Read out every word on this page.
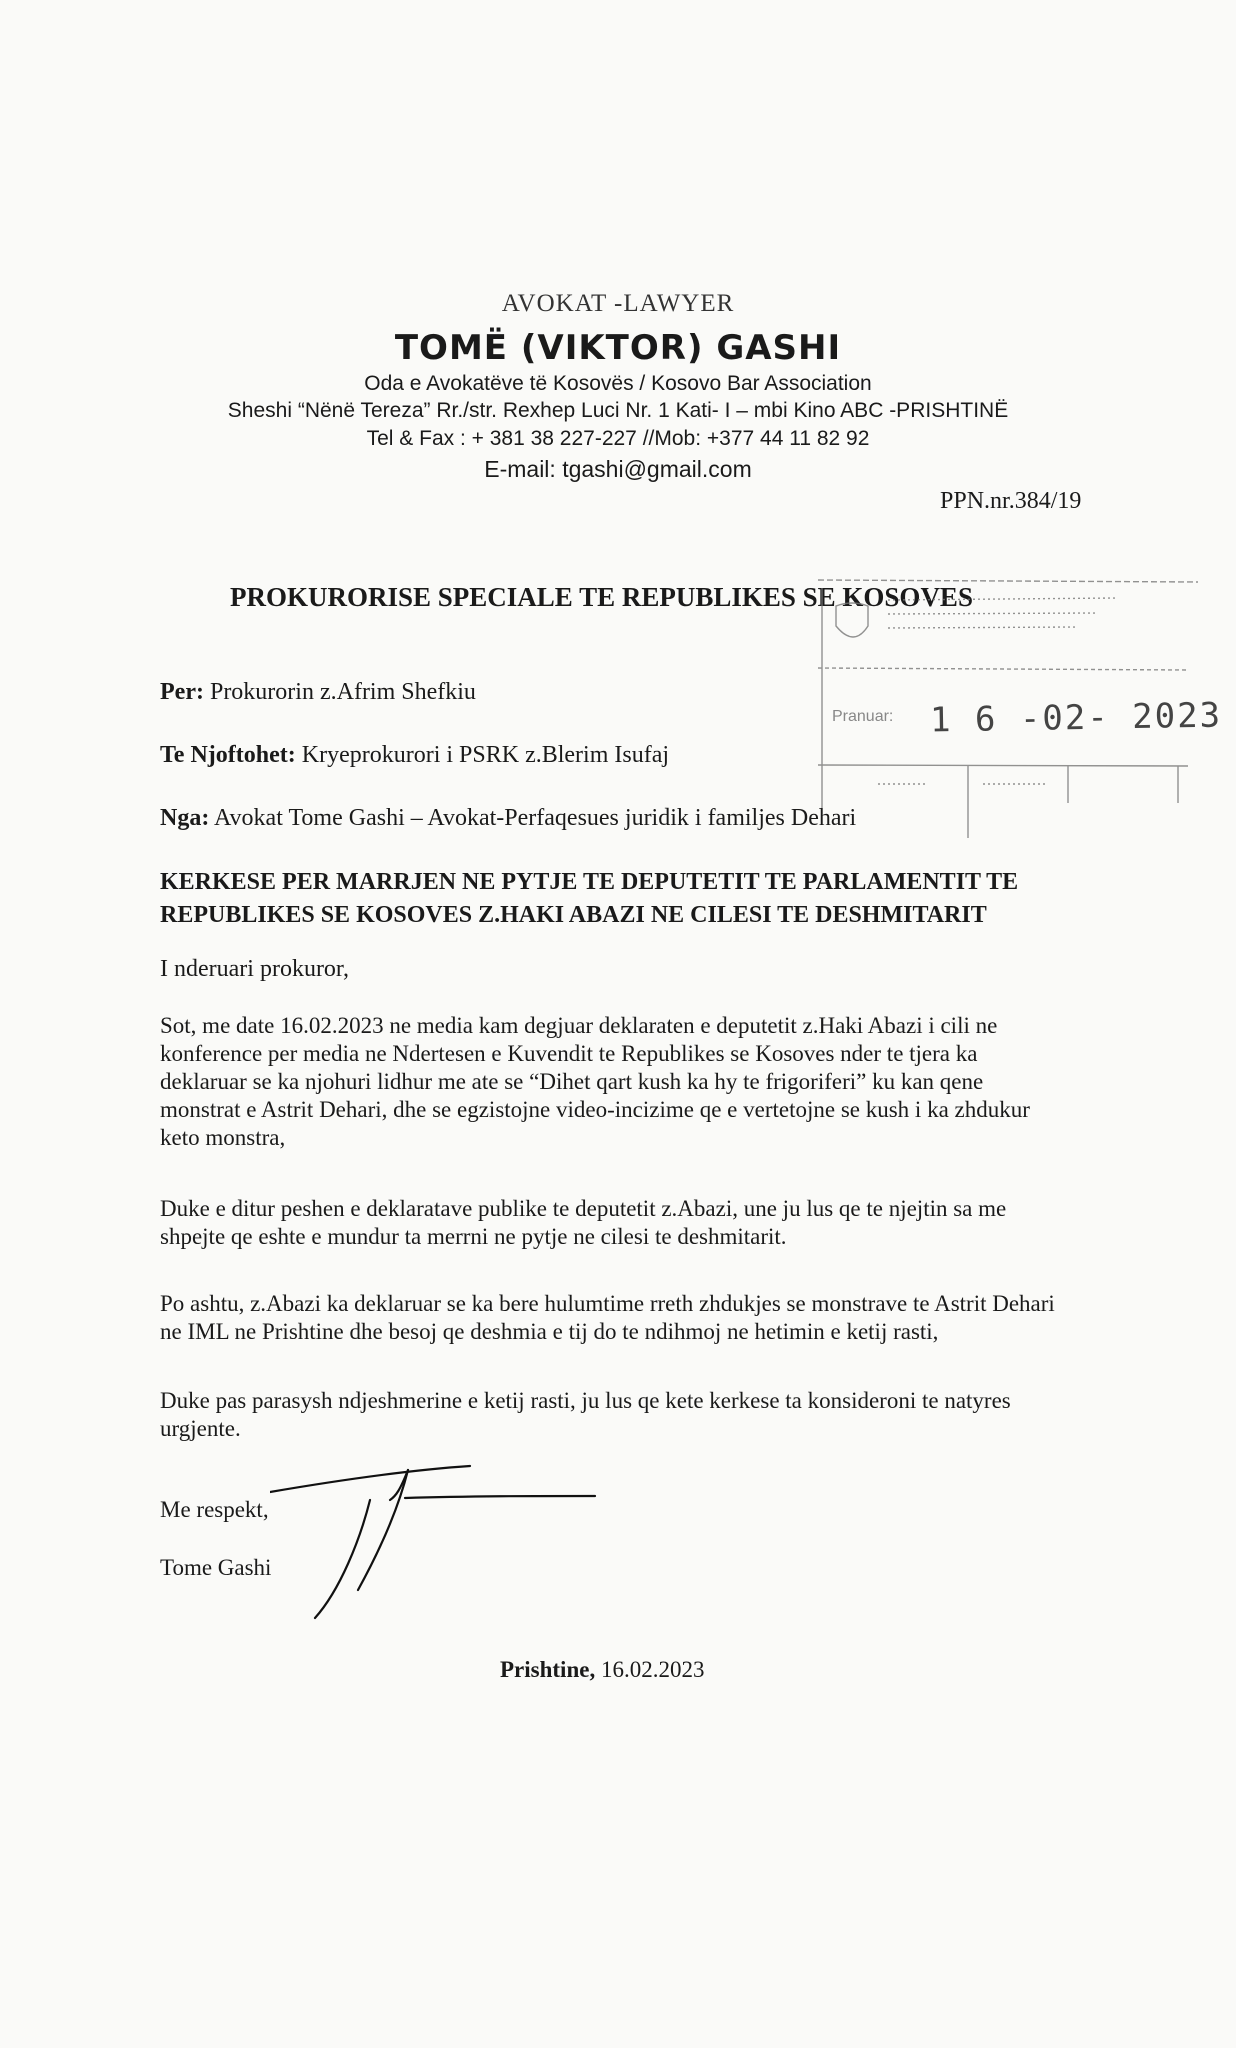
AVOKAT -LAWYER
TOMË (VIKTOR) GASHI
Oda e Avokatëve të Kosovës / Kosovo Bar Association
Sheshi “Nënë Tereza” Rr./str. Rexhep Luci Nr. 1 Kati- I – mbi Kino ABC -PRISHTINË
Tel & Fax : + 381 38 227-227 //Mob: +377 44 11 82 92
E-mail: tgashi@gmail.com
PPN.nr.384/19
PROKURORISE SPECIALE TE REPUBLIKES SE KOSOVES
Pranuar: 1 6 -02- 2023
Per: Prokurorin z.Afrim Shefkiu
Te Njoftohet: Kryeprokurori i PSRK z.Blerim Isufaj
Nga: Avokat Tome Gashi – Avokat-Perfaqesues juridik i familjes Dehari
KERKESE PER MARRJEN NE PYTJE TE DEPUTETIT TE PARLAMENTIT TE REPUBLIKES SE KOSOVES Z.HAKI ABAZI NE CILESI TE DESHMITARIT
I nderuari prokuror,
Sot, me date 16.02.2023 ne media kam degjuar deklaraten e deputetit z.Haki Abazi i cili ne konference per media ne Ndertesen e Kuvendit te Republikes se Kosoves nder te tjera ka deklaruar se ka njohuri lidhur me ate se “Dihet qart kush ka hy te frigoriferi” ku kan qene monstrat e Astrit Dehari, dhe se egzistojne video-incizime qe e vertetojne se kush i ka zhdukur keto monstra,
Duke e ditur peshen e deklaratave publike te deputetit z.Abazi, une ju lus qe te njejtin sa me shpejte qe eshte e mundur ta merrni ne pytje ne cilesi te deshmitarit.
Po ashtu, z.Abazi ka deklaruar se ka bere hulumtime rreth zhdukjes se monstrave te Astrit Dehari ne IML ne Prishtine dhe besoj qe deshmia e tij do te ndihmoj ne hetimin e ketij rasti,
Duke pas parasysh ndjeshmerine e ketij rasti, ju lus qe kete kerkese ta konsideroni te natyres urgjente.
Me respekt,
Tome Gashi
Prishtine, 16.02.2023
